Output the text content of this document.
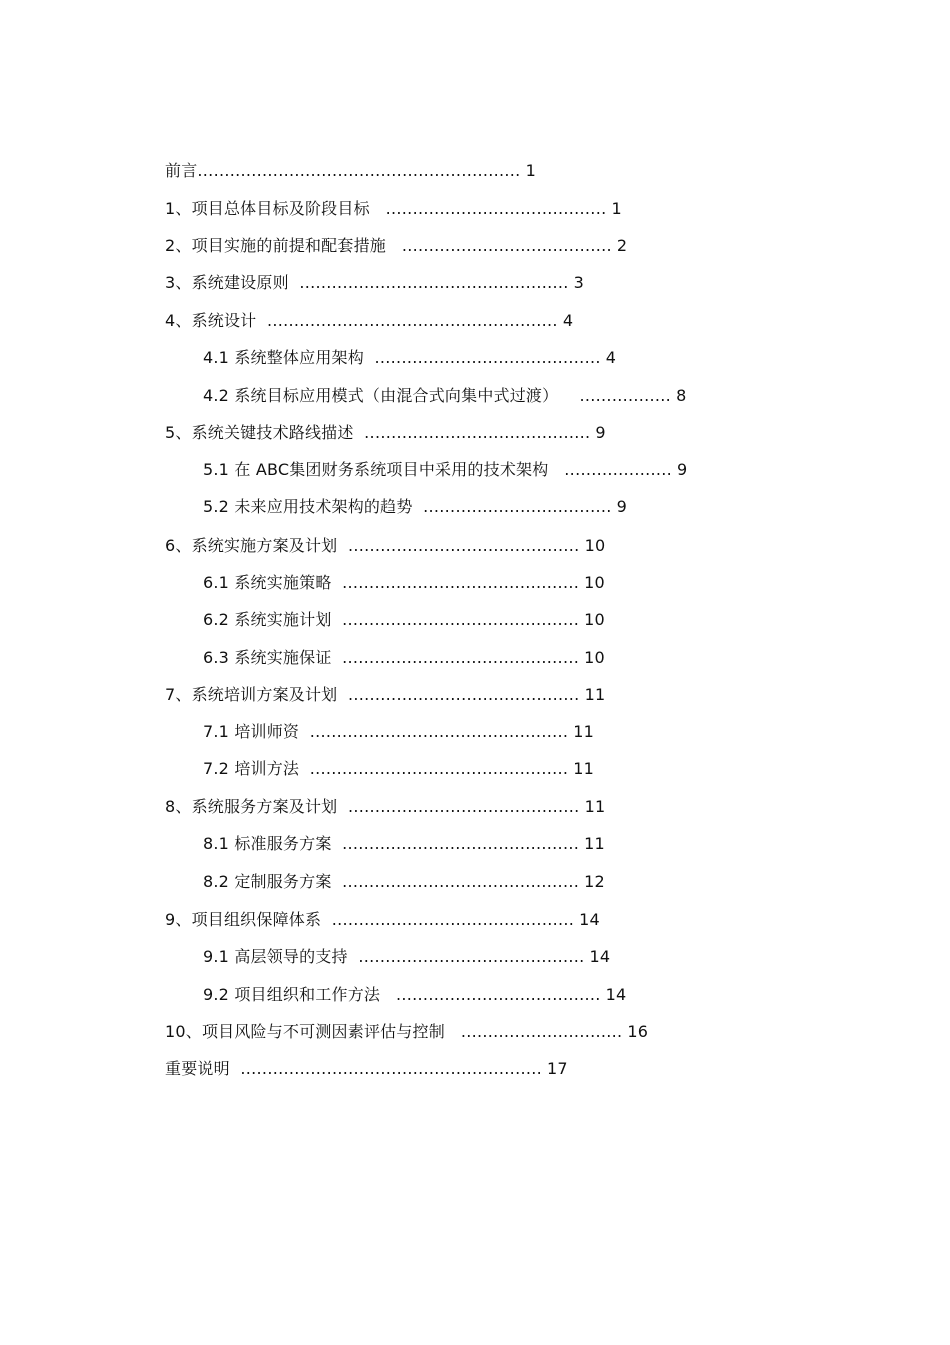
前言............................................................ 1
1、项目总体目标及阶段目标 ......................................... 1
2、项目实施的前提和配套措施 ....................................... 2
3、系统建设原则 .................................................. 3
4、系统设计 ...................................................... 4
4.1 系统整体应用架构 .......................................... 4
4.2 系统目标应用模式（由混合式向集中式过渡） ................. 8
5、系统关键技术路线描述 .......................................... 9
5.1 在 ABC集团财务系统项目中采用的技术架构 .................... 9
5.2 未来应用技术架构的趋势 ................................... 9
6、系统实施方案及计划 ........................................... 10
6.1 系统实施策略 ............................................ 10
6.2 系统实施计划 ............................................ 10
6.3 系统实施保证 ............................................ 10
7、系统培训方案及计划 ........................................... 11
7.1 培训师资 ................................................ 11
7.2 培训方法 ................................................ 11
8、系统服务方案及计划 ........................................... 11
8.1 标准服务方案 ............................................ 11
8.2 定制服务方案 ............................................ 12
9、项目组织保障体系 ............................................. 14
9.1 高层领导的支持 .......................................... 14
9.2 项目组织和工作方法 ...................................... 14
10、项目风险与不可测因素评估与控制 .............................. 16
重要说明 ........................................................ 17
